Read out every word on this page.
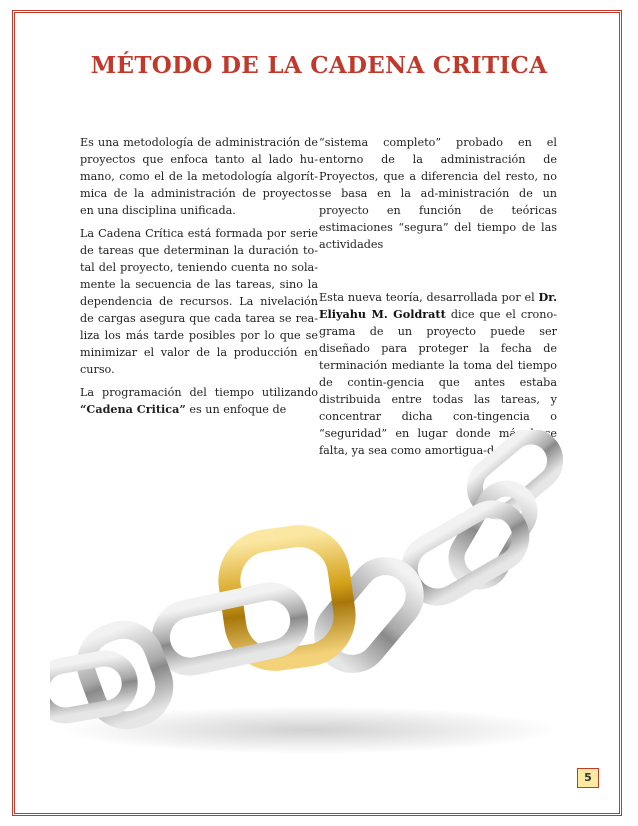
MÉTODO DE LA CADENA CRITICA

Es una metodología de administración de proyectos que enfoca tanto al lado hu-mano, como el de la metodología algorít-mica de la administración de proyectos en una disciplina unificada.

La Cadena Crítica está formada por serie de tareas que determinan la duración to-tal del proyecto, teniendo cuenta no sola-mente la secuencia de las tareas, sino la dependencia de recursos. La nivelación de cargas asegura que cada tarea se rea-liza los más tarde posibles por lo que se minimizar el valor de la producción en curso.

La programación del tiempo utilizando “Cadena Critica” es un enfoque de

“sistema completo” probado en el entorno de la administración de Proyectos, que a diferencia del resto, no se basa en la ad-ministración de un proyecto en función de teóricas estimaciones “segura” del tiempo de las actividades

Esta nueva teoría, desarrollada por el Dr. Eliyahu M. Goldratt dice que el crono-grama de un proyecto puede ser diseñado para proteger la fecha de terminación mediante la toma del tiempo de contin-gencia que antes estaba distribuida entre todas las tareas, y concentrar dicha con-tingencia o “seguridad” en lugar donde más hace falta, ya sea como amortigua-dor

5
